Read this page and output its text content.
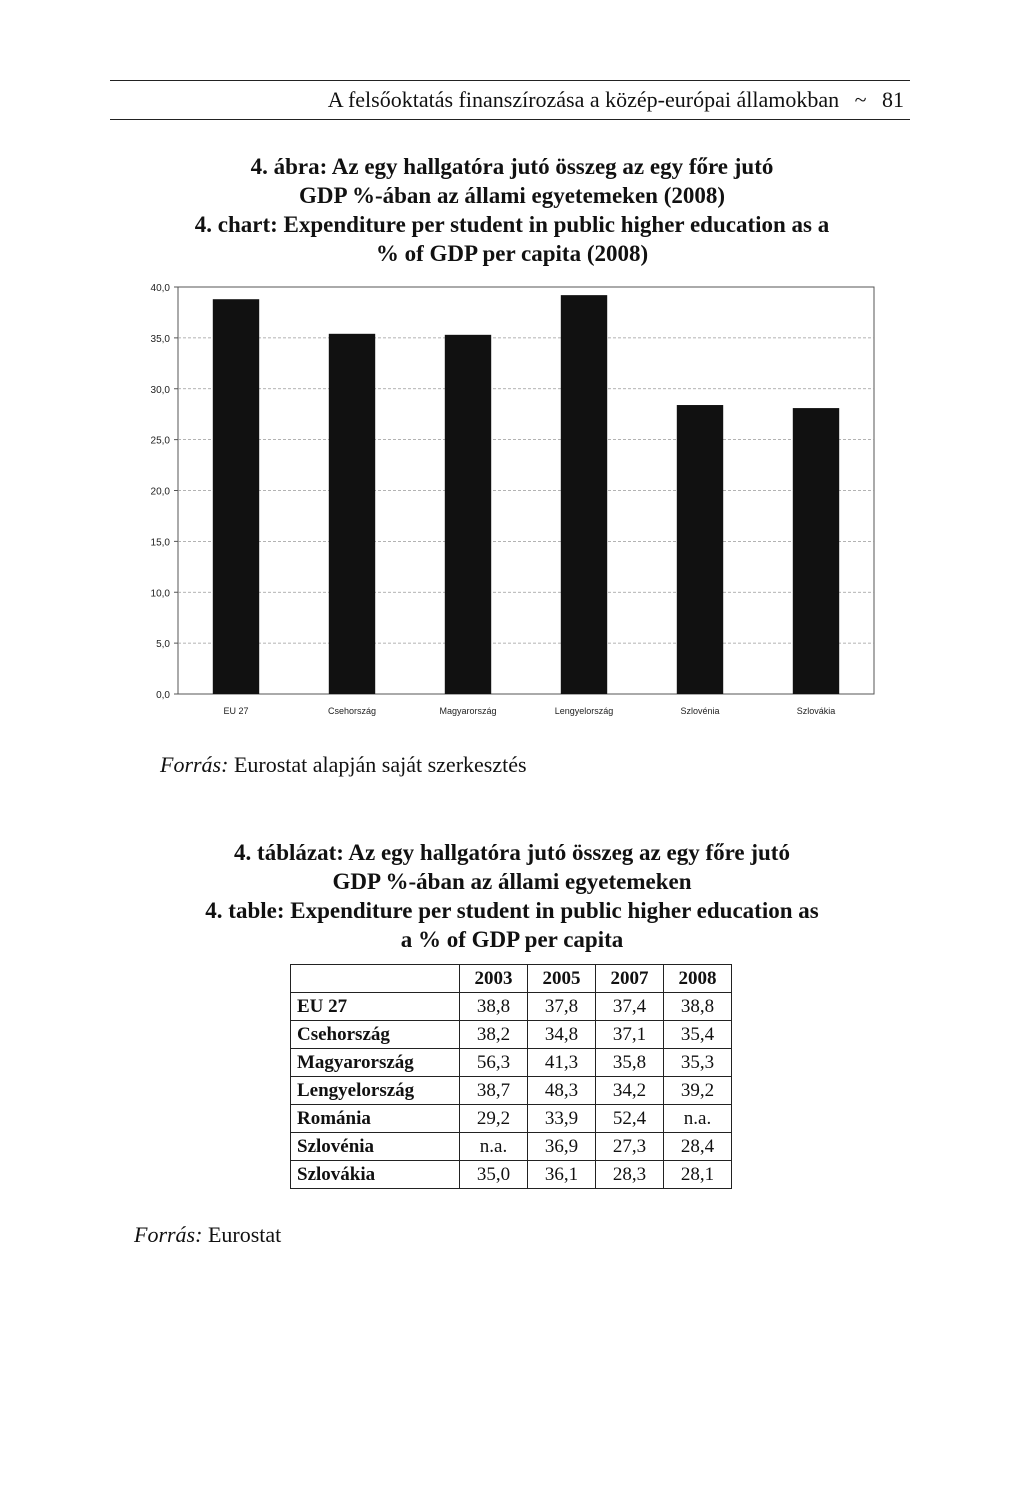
A felsőoktatás finanszírozása a közép-európai államokban ~ 81
4. ábra: Az egy hallgatóra jutó összeg az egy főre jutó
GDP %-ában az állami egyetemeken (2008)
4. chart: Expenditure per student in public higher education as a
% of GDP per capita (2008)
0,0
5,0
10,0
15,0
20,0
25,0
30,0
35,0
40,0
EU 27	Csehország	Magyarország	Lengyelország	Szlovénia	Szlovákia
Forrás: Eurostat alapján saját szerkesztés
4. táblázat: Az egy hallgatóra jutó összeg az egy főre jutó
GDP %-ában az állami egyetemeken
4. table: Expenditure per student in public higher education as
a % of GDP per capita
	2003	2005	2007	2008
EU 27	38,8	37,8	37,4	38,8
Csehország	38,2	34,8	37,1	35,4
Magyarország	56,3	41,3	35,8	35,3
Lengyelország	38,7	48,3	34,2	39,2
Románia	29,2	33,9	52,4	n.a.
Szlovénia	n.a.	36,9	27,3	28,4
Szlovákia	35,0	36,1	28,3	28,1
Forrás: Eurostat
